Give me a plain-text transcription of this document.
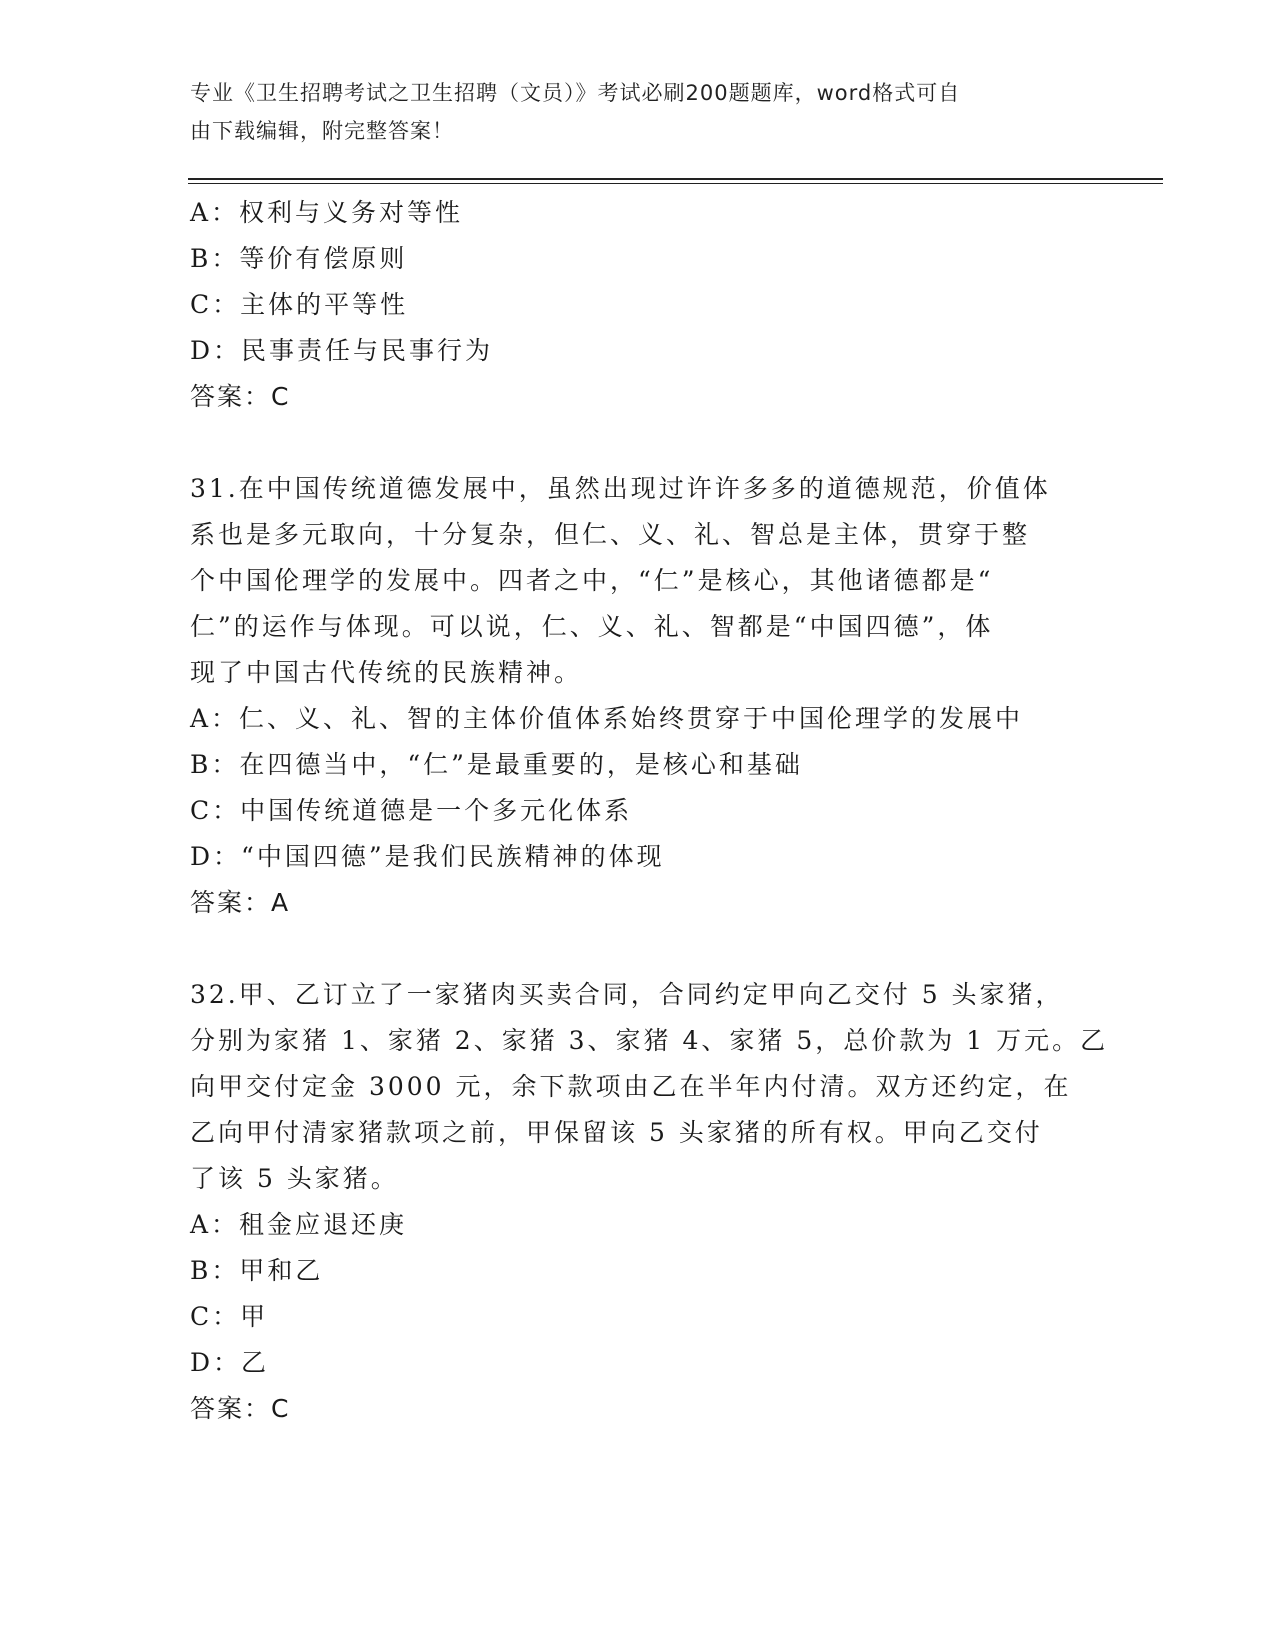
专业《卫生招聘考试之卫生招聘（文员）》考试必刷200题题库，word格式可自
由下载编辑，附完整答案！
A：权利与义务对等性
B：等价有偿原则
C：主体的平等性
D：民事责任与民事行为
答案：C
31.在中国传统道德发展中，虽然出现过许许多多的道德规范，价值体
系也是多元取向，十分复杂，但仁、义、礼、智总是主体，贯穿于整
个中国伦理学的发展中。四者之中，“仁”是核心，其他诸德都是“
仁”的运作与体现。可以说，仁、义、礼、智都是“中国四德”，体
现了中国古代传统的民族精神。
A：仁、义、礼、智的主体价值体系始终贯穿于中国伦理学的发展中
B：在四德当中，“仁”是最重要的，是核心和基础
C：中国传统道德是一个多元化体系
D：“中国四德”是我们民族精神的体现
答案：A
32.甲、乙订立了一家猪肉买卖合同，合同约定甲向乙交付 5 头家猪，
分别为家猪 1、家猪 2、家猪 3、家猪 4、家猪 5，总价款为 1 万元。乙
向甲交付定金 3000 元，余下款项由乙在半年内付清。双方还约定，在
乙向甲付清家猪款项之前，甲保留该 5 头家猪的所有权。甲向乙交付
了该 5 头家猪。
A：租金应退还庚
B：甲和乙
C：甲
D：乙
答案：C
